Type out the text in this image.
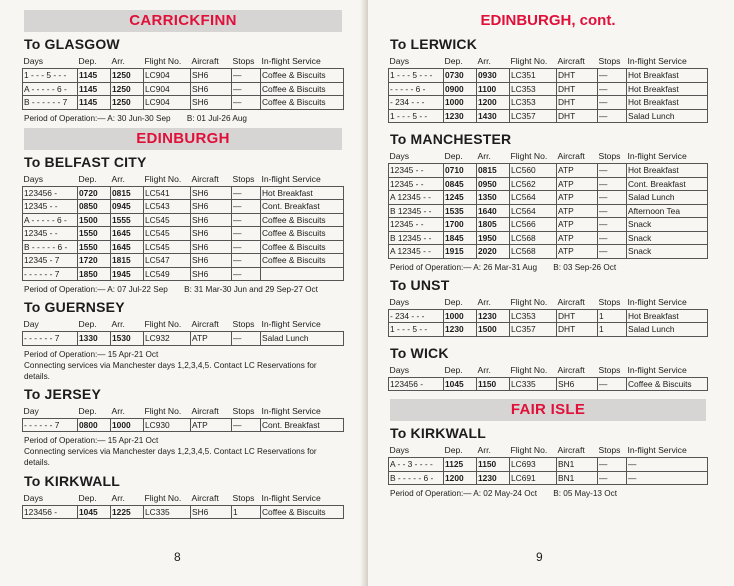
CARRICKFINN
To GLASGOW
Days	Dep.	Arr.	Flight No.	Aircraft	Stops	In-flight Service
1 - - - 5 - - -	1145	1250	LC904	SH6	—	Coffee & Biscuits
A - - - - - 6 -	1145	1250	LC904	SH6	—	Coffee & Biscuits
B - - - - - - 7	1145	1250	LC904	SH6	—	Coffee & Biscuits
Period of Operation:— A: 30 Jun-30 Sep B: 01 Jul-26 Aug
EDINBURGH
To BELFAST CITY
Days	Dep.	Arr.	Flight No.	Aircraft	Stops	In-flight Service
123456 -	0720	0815	LC541	SH6	—	Hot Breakfast
12345 - -	0850	0945	LC543	SH6	—	Cont. Breakfast
A - - - - - 6 -	1500	1555	LC545	SH6	—	Coffee & Biscuits
12345 - -	1550	1645	LC545	SH6	—	Coffee & Biscuits
B - - - - - 6 -	1550	1645	LC545	SH6	—	Coffee & Biscuits
12345 - 7	1720	1815	LC547	SH6	—	Coffee & Biscuits
- - - - - - 7	1850	1945	LC549	SH6	—	
Period of Operation:— A: 07 Jul-22 Sep B: 31 Mar-30 Jun and 29 Sep-27 Oct
To GUERNSEY
Day	Dep.	Arr.	Flight No.	Aircraft	Stops	In-flight Service
- - - - - - 7	1330	1530	LC932	ATP	—	Salad Lunch
Period of Operation:— 15 Apr-21 Oct
Connecting services via Manchester days 1,2,3,4,5. Contact LC Reservations for details.
To JERSEY
Day	Dep.	Arr.	Flight No.	Aircraft	Stops	In-flight Service
- - - - - - 7	0800	1000	LC930	ATP	—	Cont. Breakfast
Period of Operation:— 15 Apr-21 Oct
Connecting services via Manchester days 1,2,3,4,5. Contact LC Reservations for details.
To KIRKWALL
Days	Dep.	Arr.	Flight No.	Aircraft	Stops	In-flight Service
123456 -	1045	1225	LC335	SH6	1	Coffee & Biscuits
8
EDINBURGH, cont.
To LERWICK
Days	Dep.	Arr.	Flight No.	Aircraft	Stops	In-flight Service
1 - - - 5 - - -	0730	0930	LC351	DHT	—	Hot Breakfast
- - - - - 6 -	0900	1100	LC353	DHT	—	Hot Breakfast
- 234 - - -	1000	1200	LC353	DHT	—	Hot Breakfast
1 - - - 5 - -	1230	1430	LC357	DHT	—	Salad Lunch
To MANCHESTER
Days	Dep.	Arr.	Flight No.	Aircraft	Stops	In-flight Service
12345 - -	0710	0815	LC560	ATP	—	Hot Breakfast
12345 - -	0845	0950	LC562	ATP	—	Cont. Breakfast
A 12345 - -	1245	1350	LC564	ATP	—	Salad Lunch
B 12345 - -	1535	1640	LC564	ATP	—	Afternoon Tea
12345 - -	1700	1805	LC566	ATP	—	Snack
B 12345 - -	1845	1950	LC568	ATP	—	Snack
A 12345 - -	1915	2020	LC568	ATP	—	Snack
Period of Operation:— A: 26 Mar-31 Aug B: 03 Sep-26 Oct
To UNST
Days	Dep.	Arr.	Flight No.	Aircraft	Stops	In-flight Service
- 234 - - -	1000	1230	LC353	DHT	1	Hot Breakfast
1 - - - 5 - -	1230	1500	LC357	DHT	1	Salad Lunch
To WICK
Days	Dep.	Arr.	Flight No.	Aircraft	Stops	In-flight Service
123456 -	1045	1150	LC335	SH6	—	Coffee & Biscuits
FAIR ISLE
To KIRKWALL
Days	Dep.	Arr.	Flight No.	Aircraft	Stops	In-flight Service
A - - 3 - - - -	1125	1150	LC693	BN1	—	—
B - - - - - 6 -	1200	1230	LC691	BN1	—	—
Period of Operation:— A: 02 May-24 Oct B: 05 May-13 Oct
9
